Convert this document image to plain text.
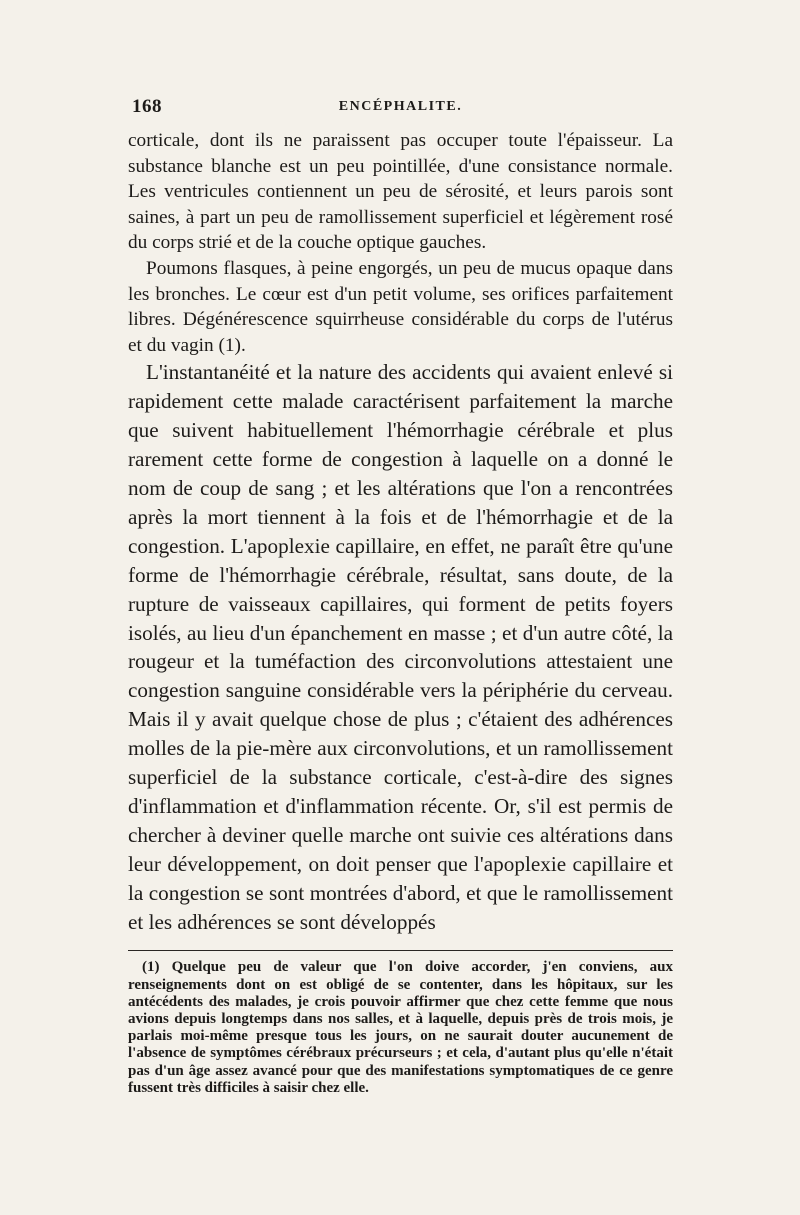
168	ENCÉPHALITE.

corticale, dont ils ne paraissent pas occuper toute l'épaisseur. La substance blanche est un peu pointillée, d'une consistance normale. Les ventricules contiennent un peu de sérosité, et leurs parois sont saines, à part un peu de ramollissement superficiel et légèrement rosé du corps strié et de la couche optique gauches.

Poumons flasques, à peine engorgés, un peu de mucus opaque dans les bronches. Le cœur est d'un petit volume, ses orifices parfaitement libres. Dégénérescence squirrheuse considérable du corps de l'utérus et du vagin (1).

L'instantanéité et la nature des accidents qui avaient enlevé si rapidement cette malade caractérisent parfaitement la marche que suivent habituellement l'hémorrhagie cérébrale et plus rarement cette forme de congestion à laquelle on a donné le nom de coup de sang ; et les altérations que l'on a rencontrées après la mort tiennent à la fois et de l'hémorrhagie et de la congestion. L'apoplexie capillaire, en effet, ne paraît être qu'une forme de l'hémorrhagie cérébrale, résultat, sans doute, de la rupture de vaisseaux capillaires, qui forment de petits foyers isolés, au lieu d'un épanchement en masse ; et d'un autre côté, la rougeur et la tuméfaction des circonvolutions attestaient une congestion sanguine considérable vers la périphérie du cerveau. Mais il y avait quelque chose de plus ; c'étaient des adhérences molles de la pie-mère aux circonvolutions, et un ramollissement superficiel de la substance corticale, c'est-à-dire des signes d'inflammation et d'inflammation récente. Or, s'il est permis de chercher à deviner quelle marche ont suivie ces altérations dans leur développement, on doit penser que l'apoplexie capillaire et la congestion se sont montrées d'abord, et que le ramollissement et les adhérences se sont développés

(1) Quelque peu de valeur que l'on doive accorder, j'en conviens, aux renseignements dont on est obligé de se contenter, dans les hôpitaux, sur les antécédents des malades, je crois pouvoir affirmer que chez cette femme que nous avions depuis longtemps dans nos salles, et à laquelle, depuis près de trois mois, je parlais moi-même presque tous les jours, on ne saurait douter aucunement de l'absence de symptômes cérébraux précurseurs ; et cela, d'autant plus qu'elle n'était pas d'un âge assez avancé pour que des manifestations symptomatiques de ce genre fussent très difficiles à saisir chez elle.
